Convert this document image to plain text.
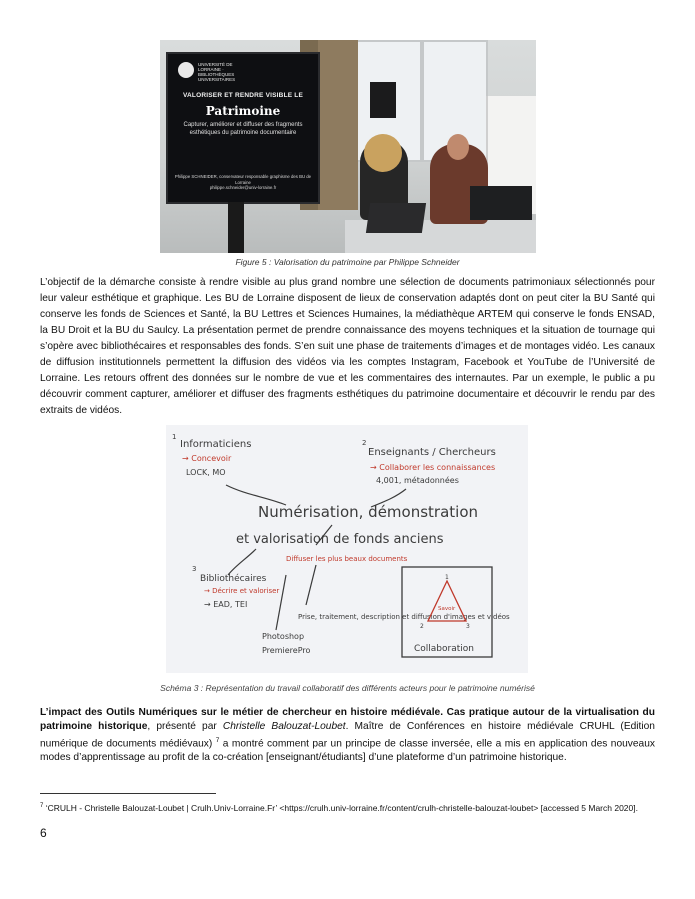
UNIVERSITÉ DE LORRAINE · BIBLIOTHÈQUES UNIVERSITAIRES
VALORISER ET RENDRE VISIBLE LE
Patrimoine
Capturer, améliorer et diffuser des fragments esthétiques du patrimoine documentaire
Philippe SCHNEIDER, conservateur responsable graphisme des BU de Lorraine
philippe.schneider@univ-lorraine.fr
Figure 5 : Valorisation du patrimoine par Philippe Schneider
L’objectif de la démarche consiste à rendre visible au plus grand nombre une sélection de documents patrimoniaux sélectionnés pour leur valeur esthétique et graphique. Les BU de Lorraine disposent de lieux de conservation adaptés dont on peut citer la BU Santé qui conserve les fonds de Sciences et Santé, la BU Lettres et Sciences Humaines, la médiathèque ARTEM qui conserve le fonds ENSAD, la BU Droit et la BU du Saulcy. La présentation permet de prendre connaissance des moyens techniques et la situation de tournage qui s’opère avec bibliothécaires et responsables des fonds. S’en suit une phase de traitements d’images et de montages vidéo. Les canaux de diffusion institutionnels permettent la diffusion des vidéos via les comptes Instagram, Facebook et YouTube de l’Université de Lorraine. Les retours offrent des données sur le nombre de vue et les commentaires des internautes. Par un exemple, le public a pu découvrir comment capturer, améliorer et diffuser des fragments esthétiques du patrimoine documentaire et découvrir le rendu par des extraits de vidéos.
1
Informaticiens
→ Concevoir
LOCK, MO
2
Enseignants / Chercheurs
→ Collaborer les connaissances
4,001, métadonnées
Numérisation, démonstration
et valorisation de fonds anciens
3
Bibliothécaires
→ Décrire et valoriser
→ EAD, TEI
Diffuser les plus beaux documents
Prise, traitement, description et diffusion d'images et vidéos
Photoshop
PremierePro
Savoir
1
2	3
Collaboration
Schéma 3 : Représentation du travail collaboratif des différents acteurs pour le patrimoine numérisé
L’impact des Outils Numériques sur le métier de chercheur en histoire médiévale. Cas pratique autour de la virtualisation du patrimoine historique, présenté par Christelle Balouzat-Loubet. Maître de Conférences en histoire médiévale CRUHL (Edition numérique de documents médiévaux) $^7$ a montré comment par un principe de classe inversée, elle a mis en application des nouveaux modes d’apprentissage au profit de la co-création [enseignant/étudiants] d’une plateforme d’un patrimoine historique.
$^7$ ‘CRULH - Christelle Balouzat-Loubet | Crulh.Univ-Lorraine.Fr’ <https://crulh.univ-lorraine.fr/content/crulh-christelle-balouzat-loubet> [accessed 5 March 2020].
6
